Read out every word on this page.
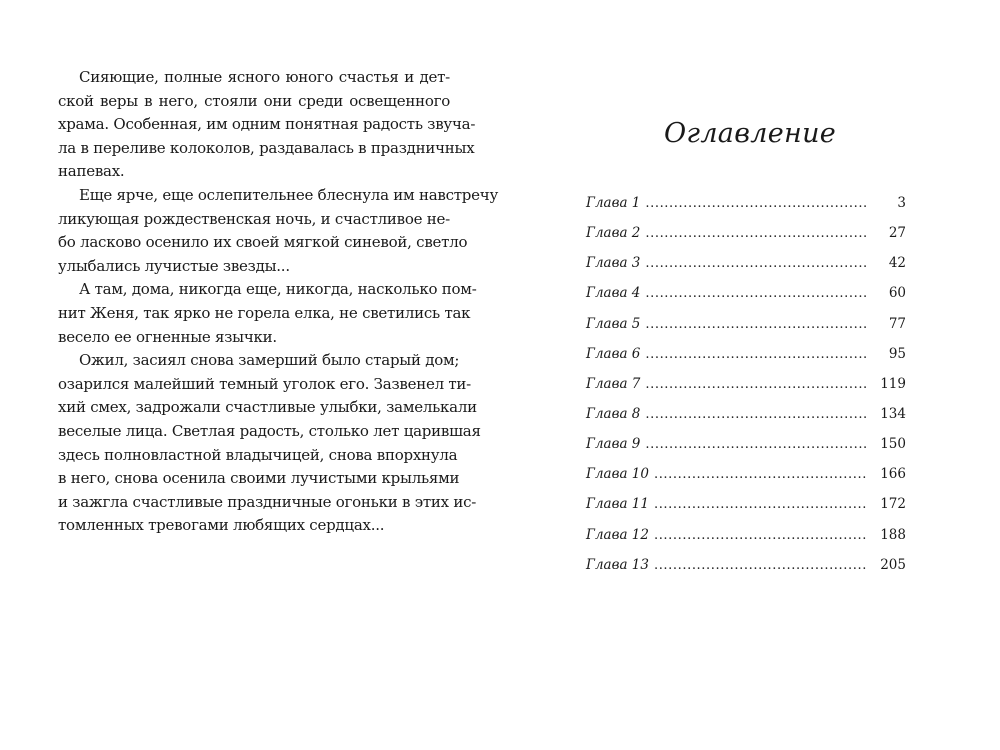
Сияющие, полные ясного юного счастья и дет-
ской веры в него, стояли они среди освещенного
храма. Особенная, им одним понятная радость звуча-
ла в переливе колоколов, раздавалась в праздничных
напевах.
Еще ярче, еще ослепительнее блеснула им навстречу
ликующая рождественская ночь, и счастливое не-
бо ласково осенило их своей мягкой синевой, светло
улыбались лучистые звезды...
А там, дома, никогда еще, никогда, насколько пом-
нит Женя, так ярко не горела елка, не светились так
весело ее огненные язычки.
Ожил, засиял снова замерший было старый дом;
озарился малейший темный уголок его. Зазвенел ти-
хий смех, задрожали счастливые улыбки, замелькали
веселые лица. Светлая радость, столько лет царившая
здесь полновластной владычицей, снова впорхнула
в него, снова осенила своими лучистыми крыльями
и зажгла счастливые праздничные огоньки в этих ис-
томленных тревогами любящих сердцах...
Оглавление
Глава 1 .....	3
Глава 2 .....	27
Глава 3 .....	42
Глава 4 .....	60
Глава 5 .....	77
Глава 6 .....	95
Глава 7 .....	119
Глава 8 .....	134
Глава 9 .....	150
Глава 10 .....	166
Глава 11 .....	172
Глава 12 .....	188
Глава 13 .....	205
